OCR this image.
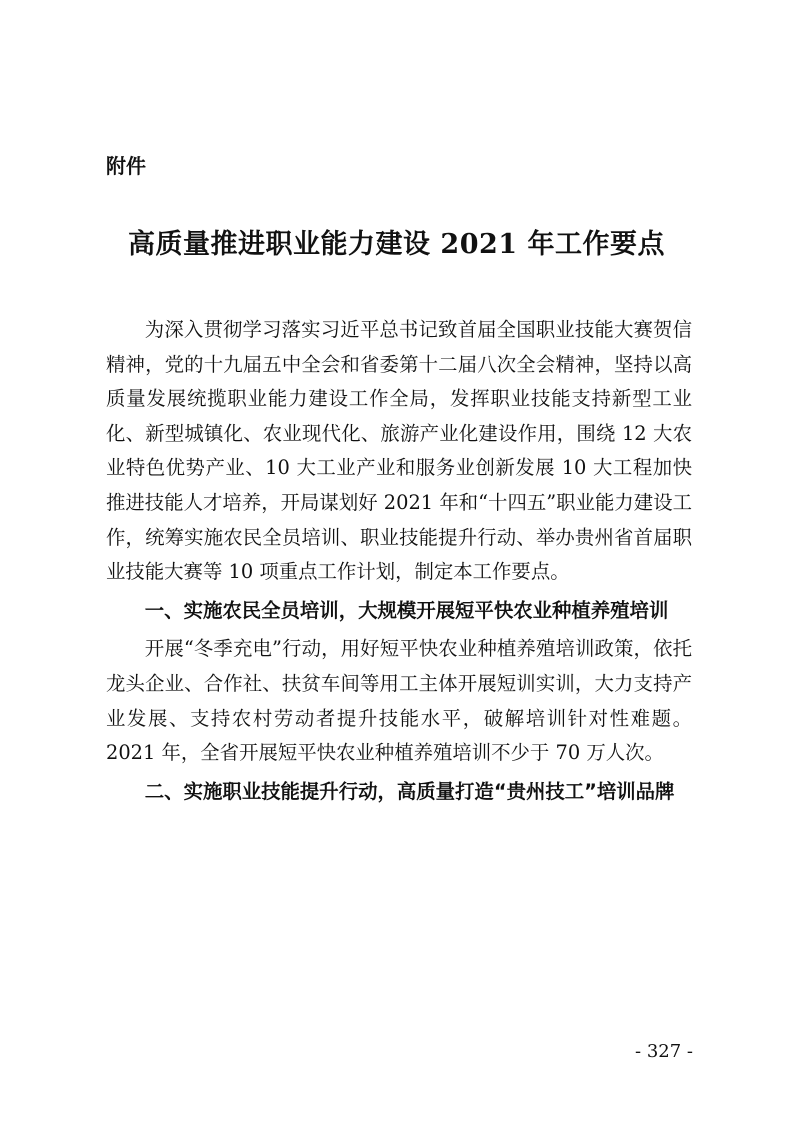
附件
高质量推进职业能力建设 2021 年工作要点

为深入贯彻学习落实习近平总书记致首届全国职业技能大赛贺信精神，党的十九届五中全会和省委第十二届八次全会精神，坚持以高质量发展统揽职业能力建设工作全局，发挥职业技能支持新型工业化、新型城镇化、农业现代化、旅游产业化建设作用，围绕 12 大农业特色优势产业、10 大工业产业和服务业创新发展 10 大工程加快推进技能人才培养，开局谋划好 2021 年和“十四五”职业能力建设工作，统筹实施农民全员培训、职业技能提升行动、举办贵州省首届职业技能大赛等 10 项重点工作计划，制定本工作要点。

一、实施农民全员培训，大规模开展短平快农业种植养殖培训

开展“冬季充电”行动，用好短平快农业种植养殖培训政策，依托龙头企业、合作社、扶贫车间等用工主体开展短训实训，大力支持产业发展、支持农村劳动者提升技能水平，破解培训针对性难题。2021 年，全省开展短平快农业种植养殖培训不少于 70 万人次。

二、实施职业技能提升行动，高质量打造“贵州技工”培训品牌

- 327 -
